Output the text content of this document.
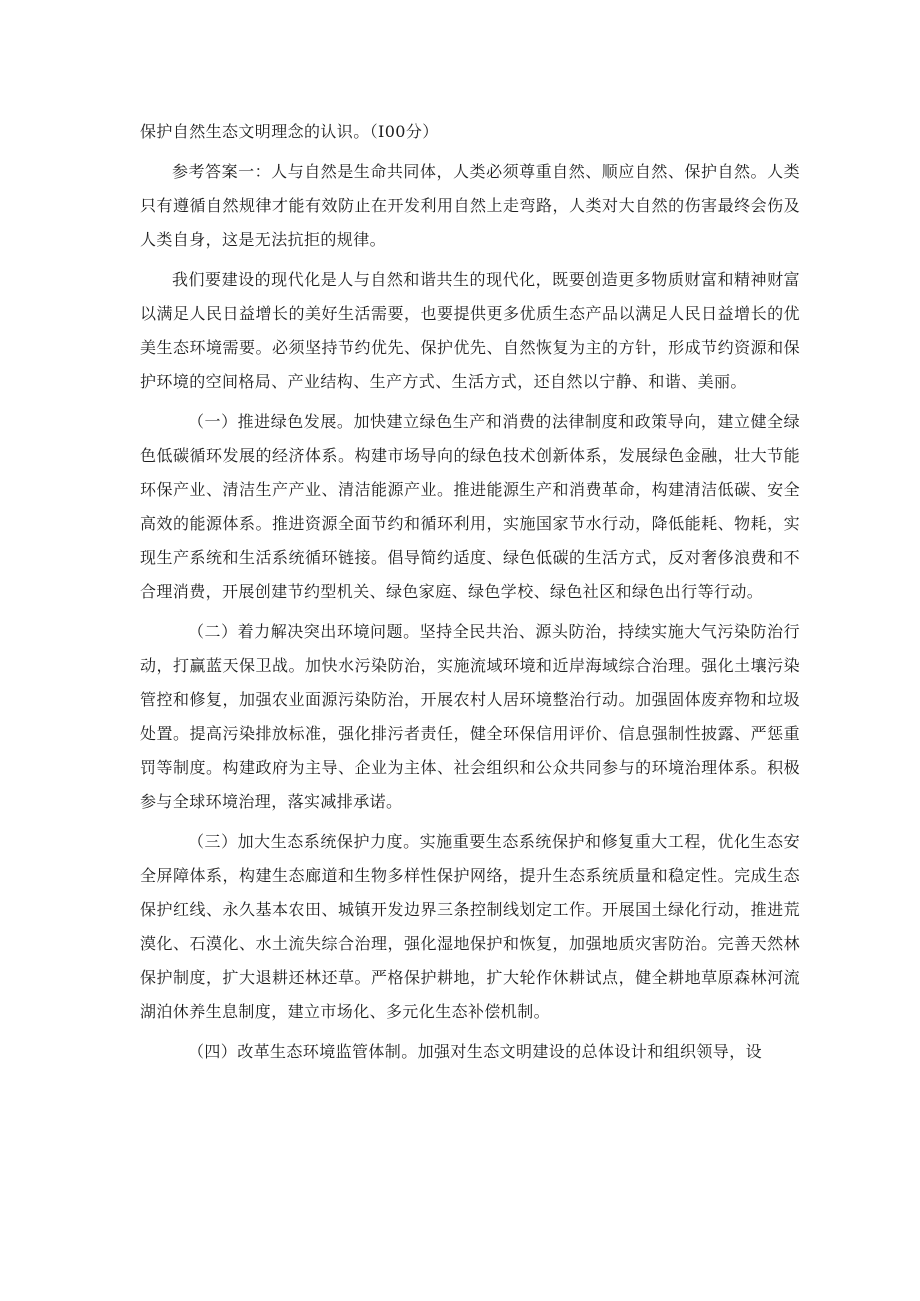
保护自然生态文明理念的认识。（I00分）

参考答案一：人与自然是生命共同体，人类必须尊重自然、顺应自然、保护自然。人类只有遵循自然规律才能有效防止在开发利用自然上走弯路，人类对大自然的伤害最终会伤及人类自身，这是无法抗拒的规律。

我们要建设的现代化是人与自然和谐共生的现代化，既要创造更多物质财富和精神财富以满足人民日益增长的美好生活需要，也要提供更多优质生态产品以满足人民日益增长的优美生态环境需要。必须坚持节约优先、保护优先、自然恢复为主的方针，形成节约资源和保护环境的空间格局、产业结构、生产方式、生活方式，还自然以宁静、和谐、美丽。

（一）推进绿色发展。加快建立绿色生产和消费的法律制度和政策导向，建立健全绿色低碳循环发展的经济体系。构建市场导向的绿色技术创新体系，发展绿色金融，壮大节能环保产业、清洁生产产业、清洁能源产业。推进能源生产和消费革命，构建清洁低碳、安全高效的能源体系。推进资源全面节约和循环利用，实施国家节水行动，降低能耗、物耗，实现生产系统和生活系统循环链接。倡导简约适度、绿色低碳的生活方式，反对奢侈浪费和不合理消费，开展创建节约型机关、绿色家庭、绿色学校、绿色社区和绿色出行等行动。

（二）着力解决突出环境问题。坚持全民共治、源头防治，持续实施大气污染防治行动，打赢蓝天保卫战。加快水污染防治，实施流域环境和近岸海域综合治理。强化土壤污染管控和修复，加强农业面源污染防治，开展农村人居环境整治行动。加强固体废弃物和垃圾处置。提高污染排放标准，强化排污者责任，健全环保信用评价、信息强制性披露、严惩重罚等制度。构建政府为主导、企业为主体、社会组织和公众共同参与的环境治理体系。积极参与全球环境治理，落实减排承诺。

（三）加大生态系统保护力度。实施重要生态系统保护和修复重大工程，优化生态安全屏障体系，构建生态廊道和生物多样性保护网络，提升生态系统质量和稳定性。完成生态保护红线、永久基本农田、城镇开发边界三条控制线划定工作。开展国土绿化行动，推进荒漠化、石漠化、水土流失综合治理，强化湿地保护和恢复，加强地质灾害防治。完善天然林保护制度，扩大退耕还林还草。严格保护耕地，扩大轮作休耕试点，健全耕地草原森林河流湖泊休养生息制度，建立市场化、多元化生态补偿机制。

（四）改革生态环境监管体制。加强对生态文明建设的总体设计和组织领导，设
